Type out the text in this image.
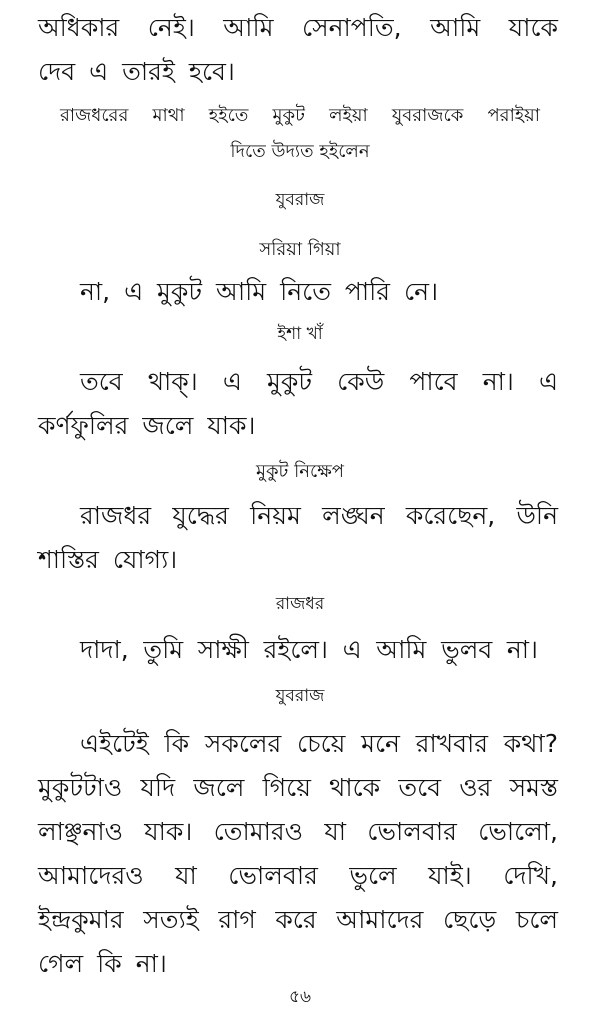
অধিকার নেই। আমি সেনাপতি, আমি যাকে

দেব এ তারই হবে।

রাজধরের মাথা হইতে মুকুট লইয়া যুবরাজকে পরাইয়া

দিতে উদ্যত হইলেন

যুবরাজ

সরিয়া গিয়া

না, এ মুকুট আমি নিতে পারি নে।

ইশা খাঁ

তবে থাক্। এ মুকুট কেউ পাবে না। এ

কর্ণফুলির জলে যাক।

মুকুট নিক্ষেপ

রাজধর যুদ্ধের নিয়ম লঙ্ঘন করেছেন, উনি

শাস্তির যোগ্য।

রাজধর

দাদা, তুমি সাক্ষী রইলে। এ আমি ভুলব না।

যুবরাজ

এইটেই কি সকলের চেয়ে মনে রাখবার কথা?

মুকুটটাও যদি জলে গিয়ে থাকে তবে ওর সমস্ত

লাঞ্ছনাও যাক। তোমারও যা ভোলবার ভোলো,

আমাদেরও যা ভোলবার ভুলে যাই। দেখি,

ইন্দ্রকুমার সত্যই রাগ করে আমাদের ছেড়ে চলে

গেল কি না।

৫৬
